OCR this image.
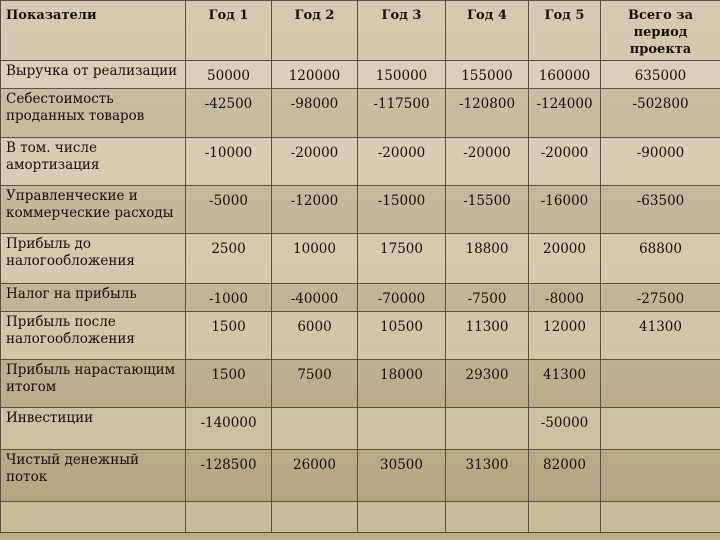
Показатели	Год 1	Год 2	Год 3	Год 4	Год 5	Всего за период проекта
Выручка от реализации	50000	120000	150000	155000	160000	635000
Себестоимость проданных товаров	-42500	-98000	-117500	-120800	-124000	-502800
В том. числе амортизация	-10000	-20000	-20000	-20000	-20000	-90000
Управленческие и коммерческие расходы	-5000	-12000	-15000	-15500	-16000	-63500
Прибыль до налогообложения	2500	10000	17500	18800	20000	68800
Налог на прибыль	-1000	-40000	-70000	-7500	-8000	-27500
Прибыль после налогообложения	1500	6000	10500	11300	12000	41300
Прибыль нарастающим итогом	1500	7500	18000	29300	41300	
Инвестиции	-140000				-50000	
Чистый денежный поток	-128500	26000	30500	31300	82000	
